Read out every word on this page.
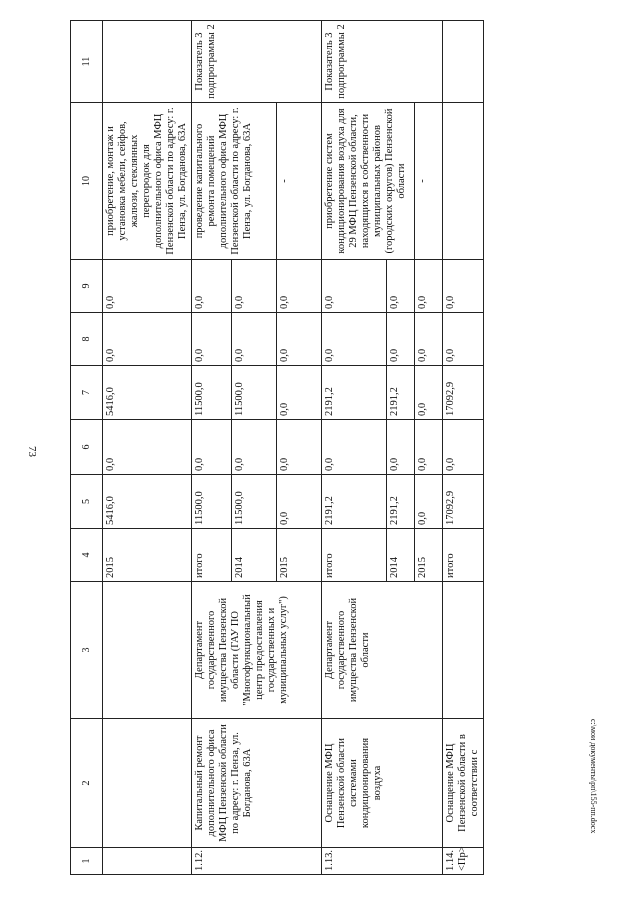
73
c:\мои документы\рп\155-пп.docx
1	2	3	4	5	6	7	8	9	10	11
			2015	5416,0	0,0	5416,0	0,0	0,0	приобретение, монтаж и установка мебели, сейфов, жалюзи, стеклянных перегородок для дополнительного офиса МФЦ Пензенской области по адресу: г. Пенза, ул. Богданова, 63А	
1.12.	Капитальный ремонт дополнительного офиса МФЦ Пензенской области по адресу: г. Пенза, ул. Богданова, 63А	Департамент государственного имущества Пензенской области (ГАУ ПО "Многофункциональный центр предоставления государственных и муниципальных услуг")	итого	11500,0	0,0	11500,0	0,0	0,0	проведение капитального ремонта помещений дополнительного офиса МФЦ Пензенской области по адресу: г. Пенза, ул. Богданова, 63А	Показатель 3 подпрограммы 2
			2014	11500,0	0,0	11500,0	0,0	0,0		
			2015	0,0	0,0	0,0	0,0	0,0	-	
1.13.	Оснащение МФЦ Пензенской области системами кондиционирования воздуха	Департамент государственного имущества Пензенской области	итого	2191,2	0,0	2191,2	0,0	0,0	приобретение систем кондиционирования воздуха для 29 МФЦ Пензенской области, находящихся в собственности муниципальных районов (городских округов) Пензенской области	Показатель 3 подпрограммы 2
			2014	2191,2	0,0	2191,2	0,0	0,0		
			2015	0,0	0,0	0,0	0,0	0,0	-	
1.14. <Пр>	Оснащение МФЦ Пензенской области в соответствии с		итого	17092,9	0,0	17092,9	0,0	0,0		
